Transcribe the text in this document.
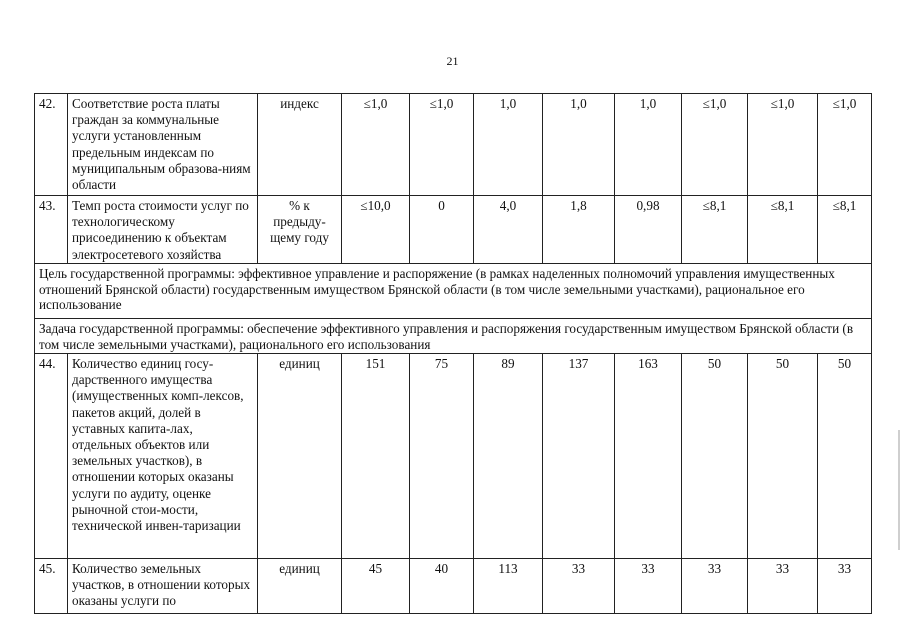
21
42.	Соответствие роста платы граждан за коммунальные услуги установленным предельным индексам по муниципальным образова-ниям области	индекс	≤1,0	≤1,0	1,0	1,0	1,0	≤1,0	≤1,0	≤1,0
43.	Темп роста стоимости услуг по технологическому присоединению к объектам электросетевого хозяйства	% к предыду-щему году	≤10,0	0	4,0	1,8	0,98	≤8,1	≤8,1	≤8,1
Цель государственной программы: эффективное управление и распоряжение (в рамках наделенных полномочий управления имущественных отношений Брянской области) государственным имуществом Брянской области (в том числе земельными участками), рациональное его использование										
Задача государственной программы: обеспечение эффективного управления и распоряжения государственным имуществом Брянской области (в том числе земельными участками), рационального его использования										
44.	Количество единиц госу-дарственного имущества (имущественных комп-лексов, пакетов акций, долей в уставных капита-лах, отдельных объектов или земельных участков), в отношении которых оказаны услуги по аудиту, оценке рыночной стои-мости, технической инвен-таризации	единиц	151	75	89	137	163	50	50	50
45.	Количество земельных участков, в отношении которых оказаны услуги по	единиц	45	40	113	33	33	33	33	33
